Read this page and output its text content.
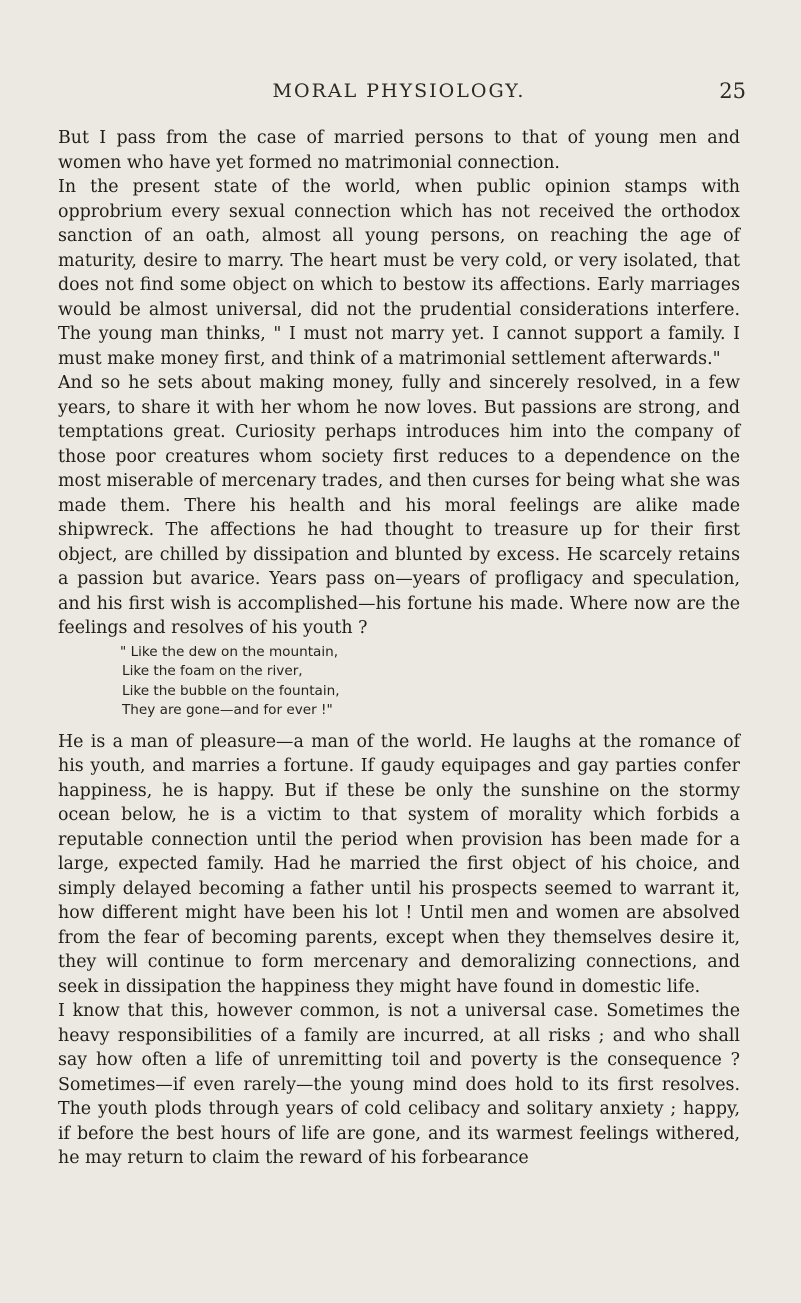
MORAL PHYSIOLOGY.	25

But I pass from the case of married persons to that of young men and women who have yet formed no matrimonial connection.

In the present state of the world, when public opinion stamps with opprobrium every sexual connection which has not received the orthodox sanction of an oath, almost all young persons, on reaching the age of maturity, desire to marry. The heart must be very cold, or very isolated, that does not find some object on which to bestow its affections. Early marriages would be almost universal, did not the prudential considerations interfere. The young man thinks, " I must not marry yet. I cannot support a family. I must make money first, and think of a matrimonial settlement afterwards."

And so he sets about making money, fully and sincerely resolved, in a few years, to share it with her whom he now loves. But passions are strong, and temptations great. Curiosity perhaps introduces him into the company of those poor creatures whom society first reduces to a dependence on the most miserable of mercenary trades, and then curses for being what she was made them. There his health and his moral feelings are alike made shipwreck. The affections he had thought to treasure up for their first object, are chilled by dissipation and blunted by excess. He scarcely retains a passion but avarice. Years pass on—years of profligacy and speculation, and his first wish is accomplished—his fortune his made. Where now are the feelings and resolves of his youth ?

" Like the dew on the mountain,
Like the foam on the river,
Like the bubble on the fountain,
They are gone—and for ever !"

He is a man of pleasure—a man of the world. He laughs at the romance of his youth, and marries a fortune. If gaudy equipages and gay parties confer happiness, he is happy. But if these be only the sunshine on the stormy ocean below, he is a victim to that system of morality which forbids a reputable connection until the period when provision has been made for a large, expected family. Had he married the first object of his choice, and simply delayed becoming a father until his prospects seemed to warrant it, how different might have been his lot ! Until men and women are absolved from the fear of becoming parents, except when they themselves desire it, they will continue to form mercenary and demoralizing connections, and seek in dissipation the happiness they might have found in domestic life.

I know that this, however common, is not a universal case. Sometimes the heavy responsibilities of a family are incurred, at all risks ; and who shall say how often a life of unremitting toil and poverty is the consequence ? Sometimes—if even rarely—the young mind does hold to its first resolves. The youth plods through years of cold celibacy and solitary anxiety ; happy, if before the best hours of life are gone, and its warmest feelings withered, he may return to claim the reward of his forbearance
